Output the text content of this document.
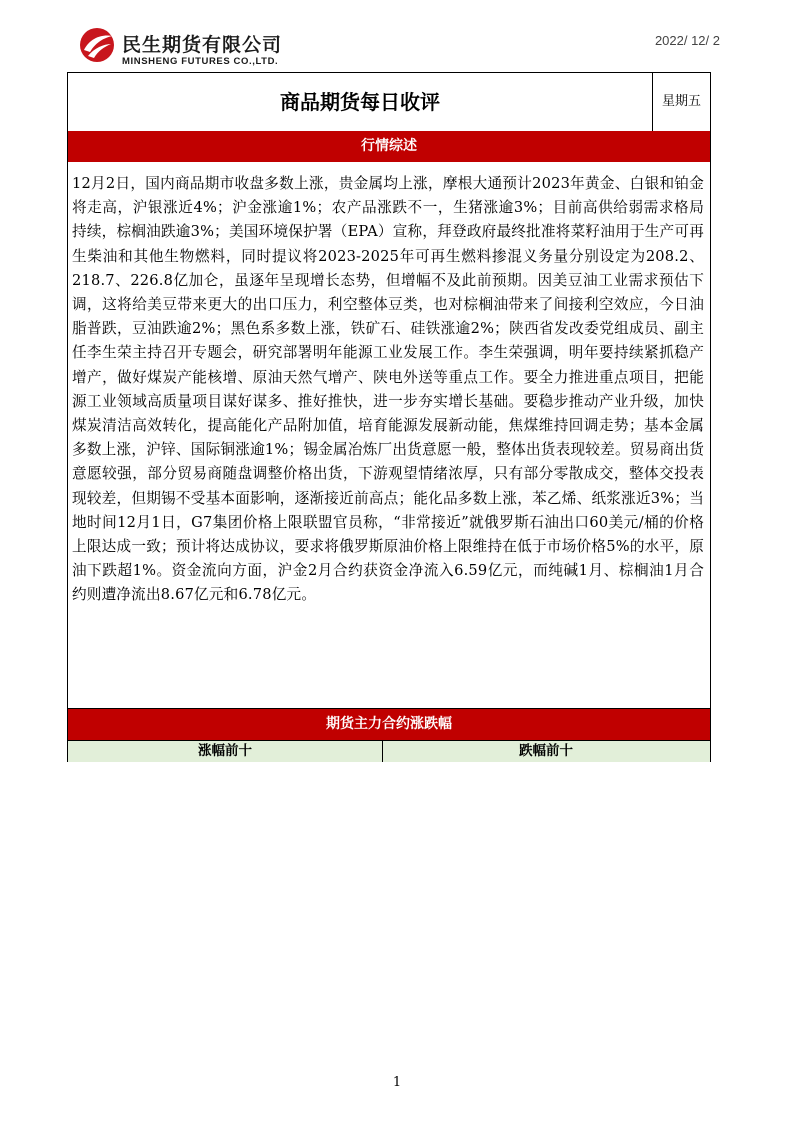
民生期货有限公司
MINSHENG FUTURES CO.,LTD.
2022/ 12/ 2
商品期货每日收评	星期五
行情综述
12月2日，国内商品期市收盘多数上涨，贵金属均上涨，摩根大通预计2023年黄金、白银和铂金将走高，沪银涨近4%；沪金涨逾1%；农产品涨跌不一，生猪涨逾3%；目前高供给弱需求格局持续，棕榈油跌逾3%；美国环境保护署（EPA）宣称，拜登政府最终批准将菜籽油用于生产可再生柴油和其他生物燃料，同时提议将2023-2025年可再生燃料掺混义务量分别设定为208.2、218.7、226.8亿加仑，虽逐年呈现增长态势，但增幅不及此前预期。因美豆油工业需求预估下调，这将给美豆带来更大的出口压力，利空整体豆类，也对棕榈油带来了间接利空效应，今日油脂普跌，豆油跌逾2%；黑色系多数上涨，铁矿石、硅铁涨逾2%；陕西省发改委党组成员、副主任李生荣主持召开专题会，研究部署明年能源工业发展工作。李生荣强调，明年要持续紧抓稳产增产，做好煤炭产能核增、原油天然气增产、陕电外送等重点工作。要全力推进重点项目，把能源工业领域高质量项目谋好谋多、推好推快，进一步夯实增长基础。要稳步推动产业升级，加快煤炭清洁高效转化，提高能化产品附加值，培育能源发展新动能，焦煤维持回调走势；基本金属多数上涨，沪锌、国际铜涨逾1%；锡金属冶炼厂出货意愿一般，整体出货表现较差。贸易商出货意愿较强，部分贸易商随盘调整价格出货，下游观望情绪浓厚，只有部分零散成交，整体交投表现较差，但期锡不受基本面影响，逐渐接近前高点；能化品多数上涨，苯乙烯、纸浆涨近3%；当地时间12月1日，G7集团价格上限联盟官员称，“非常接近”就俄罗斯石油出口60美元/桶的价格上限达成一致；预计将达成协议，要求将俄罗斯原油价格上限维持在低于市场价格5%的水平，原油下跌超1%。资金流向方面，沪金2月合约获资金净流入6.59亿元，而纯碱1月、棕榈油1月合约则遭净流出8.67亿元和6.78亿元。
期货主力合约涨跌幅
涨幅前十	跌幅前十
1
